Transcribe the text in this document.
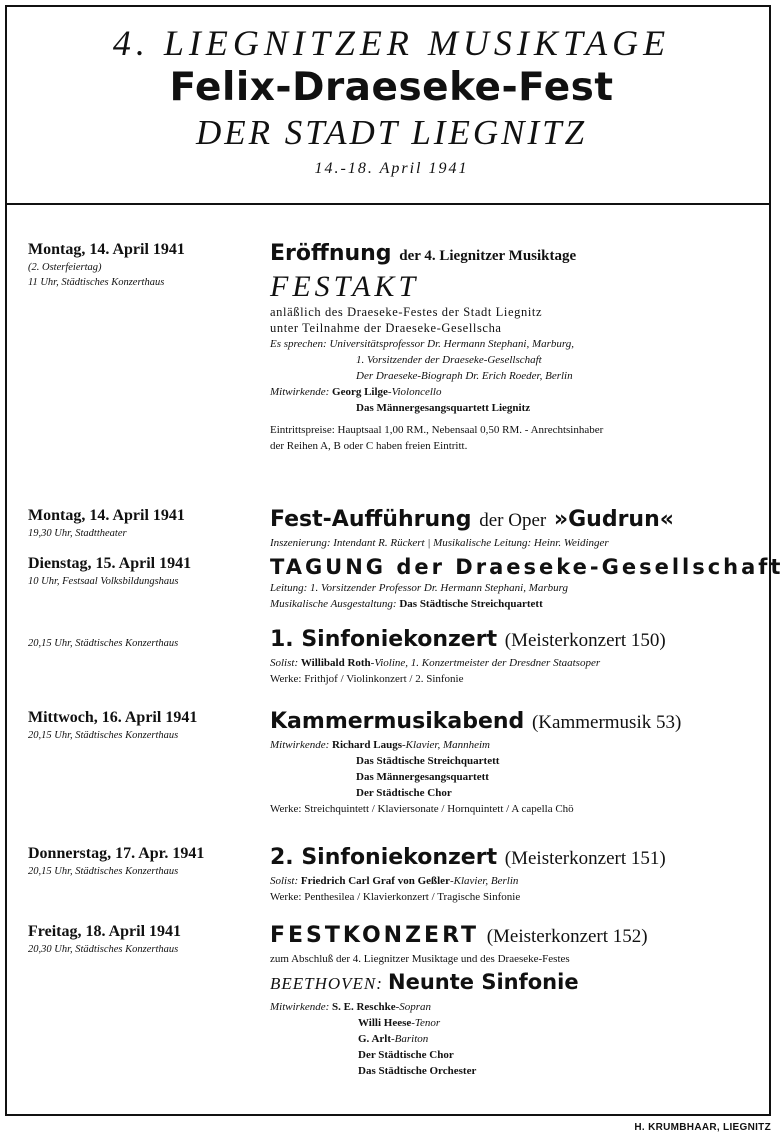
4. LIEGNITZER MUSIKTAGE
Felix-Draeseke-Fest
DER STADT LIEGNITZ
14.-18. April 1941
Montag, 14. April 1941
(2. Osterfeiertag)
11 Uhr, Städtisches Konzerthaus
Eröffnung der 4. Liegnitzer Musiktage
FESTAKT
anläßlich des Draeseke-Festes der Stadt Liegnitz
unter Teilnahme der Draeseke-Gesellscha
Es sprechen: Universitätsprofessor Dr. Hermann Stephani, Marburg,
1. Vorsitzender der Draeseke-Gesellschaft
Der Draeseke-Biograph Dr. Erich Roeder, Berlin
Mitwirkende: Georg Lilge-Violoncello
Das Männergesangsquartett Liegnitz
Eintrittspreise: Hauptsaal 1,00 RM., Nebensaal 0,50 RM. - Anrechtsinhaber
der Reihen A, B oder C haben freien Eintritt.
Montag, 14. April 1941
19,30 Uhr, Stadttheater
Fest-Aufführung der Oper »Gudrun«
Inszenierung: Intendant R. Rückert | Musikalische Leitung: Heinr. Weidinger
Dienstag, 15. April 1941
10 Uhr, Festsaal Volksbildungshaus
TAGUNG der Draeseke-Gesellschaft
Leitung: 1. Vorsitzender Professor Dr. Hermann Stephani, Marburg
Musikalische Ausgestaltung: Das Städtische Streichquartett
20,15 Uhr, Städtisches Konzerthaus	1. Sinfoniekonzert (Meisterkonzert 150)
Solist: Willibald Roth-Violine, 1. Konzertmeister der Dresdner Staatsoper
Werke: Frithjof / Violinkonzert / 2. Sinfonie
Mittwoch, 16. April 1941
20,15 Uhr, Städtisches Konzerthaus
Kammermusikabend (Kammermusik 53)
Mitwirkende: Richard Laugs-Klavier, Mannheim
Das Städtische Streichquartett
Das Männergesangsquartett
Der Städtische Chor
Werke: Streichquintett / Klaviersonate / Hornquintett / A capella Chö
Donnerstag, 17. Apr. 1941
20,15 Uhr, Städtisches Konzerthaus
2. Sinfoniekonzert (Meisterkonzert 151)
Solist: Friedrich Carl Graf von Geßler-Klavier, Berlin
Werke: Penthesilea / Klavierkonzert / Tragische Sinfonie
Freitag, 18. April 1941
20,30 Uhr, Städtisches Konzerthaus
FESTKONZERT (Meisterkonzert 152)
zum Abschluß der 4. Liegnitzer Musiktage und des Draeseke-Festes
BEETHOVEN: Neunte Sinfonie
Mitwirkende: S. E. Reschke-Sopran
Willi Heese-Tenor
G. Arlt-Bariton
Der Städtische Chor
Das Städtische Orchester
H. KRUMBHAAR, LIEGNITZ
